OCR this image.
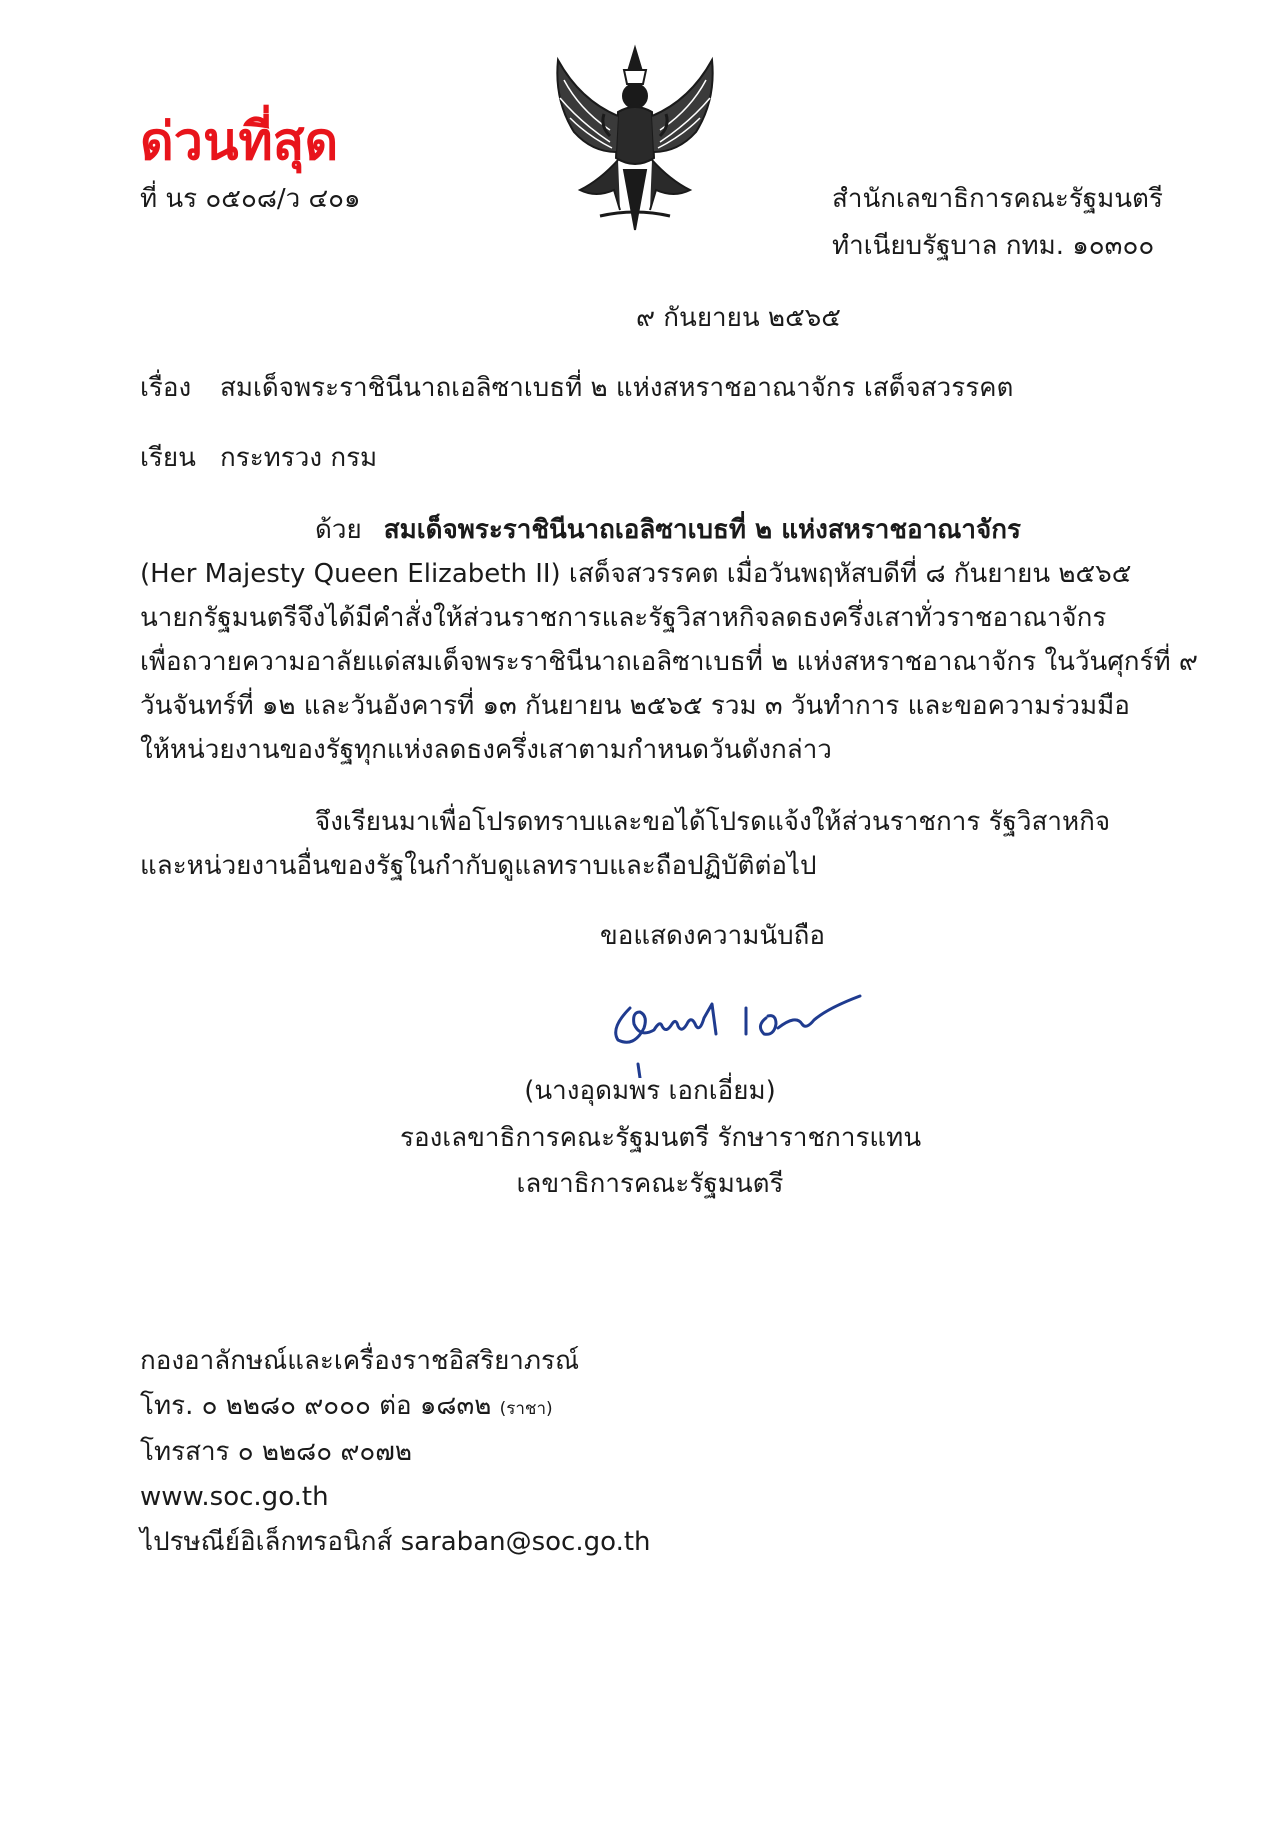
ด่วนที่สุด
ที่ นร ๐๕๐๘/ว ๔๐๑	สำนักเลขาธิการคณะรัฐมนตรี
ทำเนียบรัฐบาล กทม. ๑๐๓๐๐
๙ กันยายน ๒๕๖๕
เรื่อง สมเด็จพระราชินีนาถเอลิซาเบธที่ ๒ แห่งสหราชอาณาจักร เสด็จสวรรคต
เรียน กระทรวง กรม
ด้วย สมเด็จพระราชินีนาถเอลิซาเบธที่ ๒ แห่งสหราชอาณาจักร
(Her Majesty Queen Elizabeth II) เสด็จสวรรคต เมื่อวันพฤหัสบดีที่ ๘ กันยายน ๒๕๖๕
นายกรัฐมนตรีจึงได้มีคำสั่งให้ส่วนราชการและรัฐวิสาหกิจลดธงครึ่งเสาทั่วราชอาณาจักร
เพื่อถวายความอาลัยแด่สมเด็จพระราชินีนาถเอลิซาเบธที่ ๒ แห่งสหราชอาณาจักร ในวันศุกร์ที่ ๙
วันจันทร์ที่ ๑๒ และวันอังคารที่ ๑๓ กันยายน ๒๕๖๕ รวม ๓ วันทำการ และขอความร่วมมือ
ให้หน่วยงานของรัฐทุกแห่งลดธงครึ่งเสาตามกำหนดวันดังกล่าว
จึงเรียนมาเพื่อโปรดทราบและขอได้โปรดแจ้งให้ส่วนราชการ รัฐวิสาหกิจ
และหน่วยงานอื่นของรัฐในกำกับดูแลทราบและถือปฏิบัติต่อไป
ขอแสดงความนับถือ
(นางอุดมพร เอกเอี่ยม)
รองเลขาธิการคณะรัฐมนตรี รักษาราชการแทน
เลขาธิการคณะรัฐมนตรี
กองอาลักษณ์และเครื่องราชอิสริยาภรณ์
โทร. ๐ ๒๒๘๐ ๙๐๐๐ ต่อ ๑๘๓๒ (ราชา)
โทรสาร ๐ ๒๒๘๐ ๙๐๗๒
www.soc.go.th
ไปรษณีย์อิเล็กทรอนิกส์ saraban@soc.go.th
